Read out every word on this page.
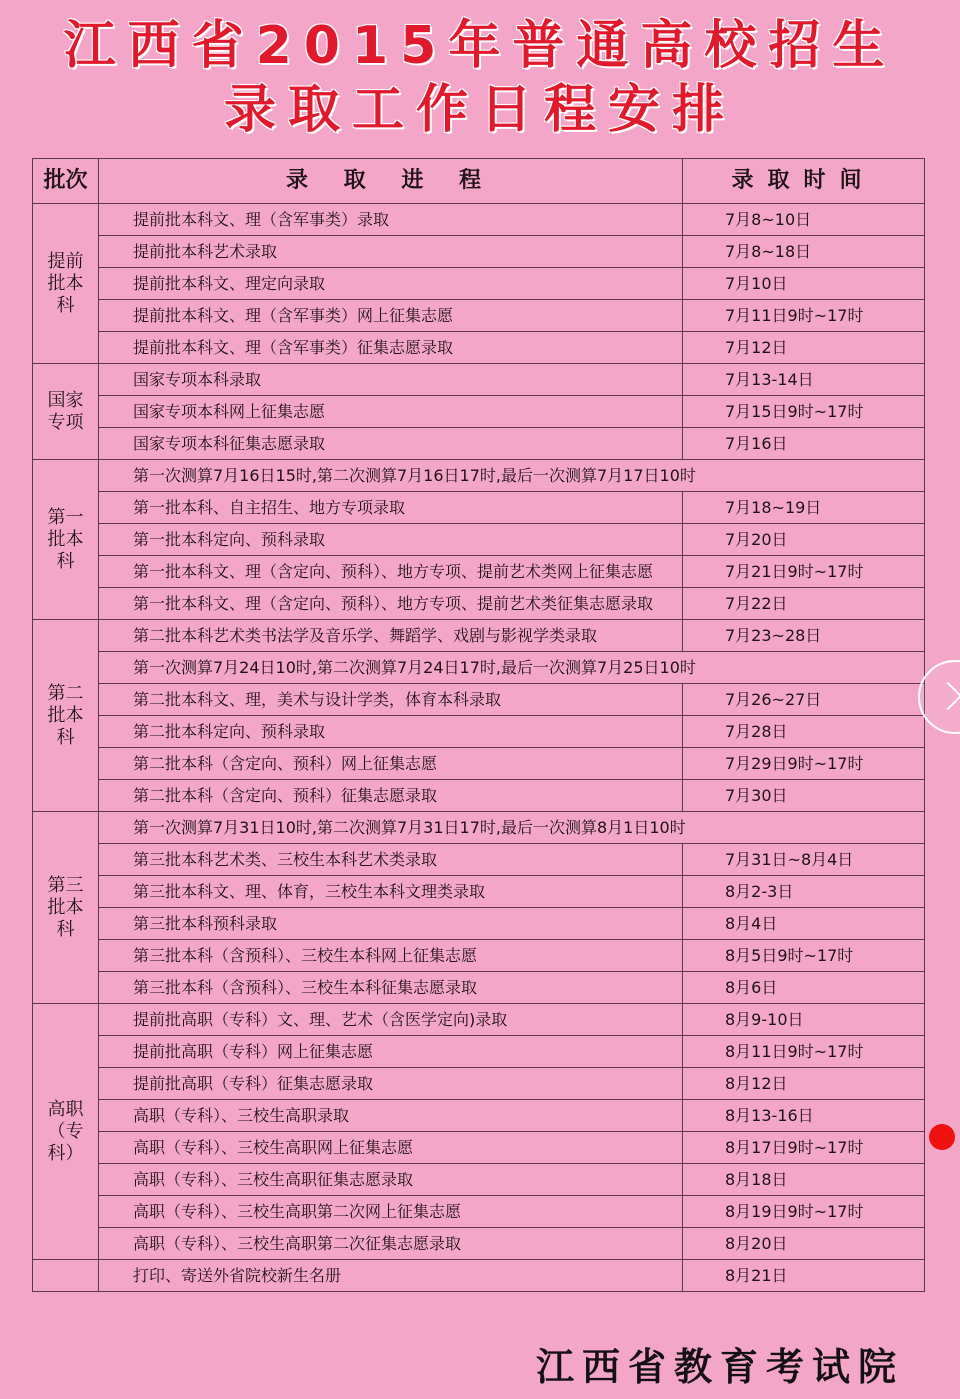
江西省2015年普通高校招生
录取工作日程安排
批次	录 取 进 程	录取时间
提前批本科	提前批本科文、理（含军事类）录取	7月8~10日
	提前批本科艺术录取	7月8~18日
	提前批本科文、理定向录取	7月10日
	提前批本科文、理（含军事类）网上征集志愿	7月11日9时~17时
	提前批本科文、理（含军事类）征集志愿录取	7月12日
国家专项	国家专项本科录取	7月13-14日
	国家专项本科网上征集志愿	7月15日9时~17时
	国家专项本科征集志愿录取	7月16日
第一批本科	第一次测算7月16日15时,第二次测算7月16日17时,最后一次测算7月17日10时	
	第一批本科、自主招生、地方专项录取	7月18~19日
	第一批本科定向、预科录取	7月20日
	第一批本科文、理（含定向、预科）、地方专项、提前艺术类网上征集志愿	7月21日9时~17时
	第一批本科文、理（含定向、预科）、地方专项、提前艺术类征集志愿录取	7月22日
第二批本科	第二批本科艺术类书法学及音乐学、舞蹈学、戏剧与影视学类录取	7月23~28日
	第一次测算7月24日10时,第二次测算7月24日17时,最后一次测算7月25日10时	
	第二批本科文、理，美术与设计学类，体育本科录取	7月26~27日
	第二批本科定向、预科录取	7月28日
	第二批本科（含定向、预科）网上征集志愿	7月29日9时~17时
	第二批本科（含定向、预科）征集志愿录取	7月30日
第三批本科	第一次测算7月31日10时,第二次测算7月31日17时,最后一次测算8月1日10时	
	第三批本科艺术类、三校生本科艺术类录取	7月31日~8月4日
	第三批本科文、理、体育，三校生本科文理类录取	8月2-3日
	第三批本科预科录取	8月4日
	第三批本科（含预科）、三校生本科网上征集志愿	8月5日9时~17时
	第三批本科（含预科）、三校生本科征集志愿录取	8月6日
高职（专科）	提前批高职（专科）文、理、艺术（含医学定向)录取	8月9-10日
	提前批高职（专科）网上征集志愿	8月11日9时~17时
	提前批高职（专科）征集志愿录取	8月12日
	高职（专科）、三校生高职录取	8月13-16日
	高职（专科）、三校生高职网上征集志愿	8月17日9时~17时
	高职（专科）、三校生高职征集志愿录取	8月18日
	高职（专科）、三校生高职第二次网上征集志愿	8月19日9时~17时
	高职（专科）、三校生高职第二次征集志愿录取	8月20日
	打印、寄送外省院校新生名册	8月21日
江西省教育考试院
